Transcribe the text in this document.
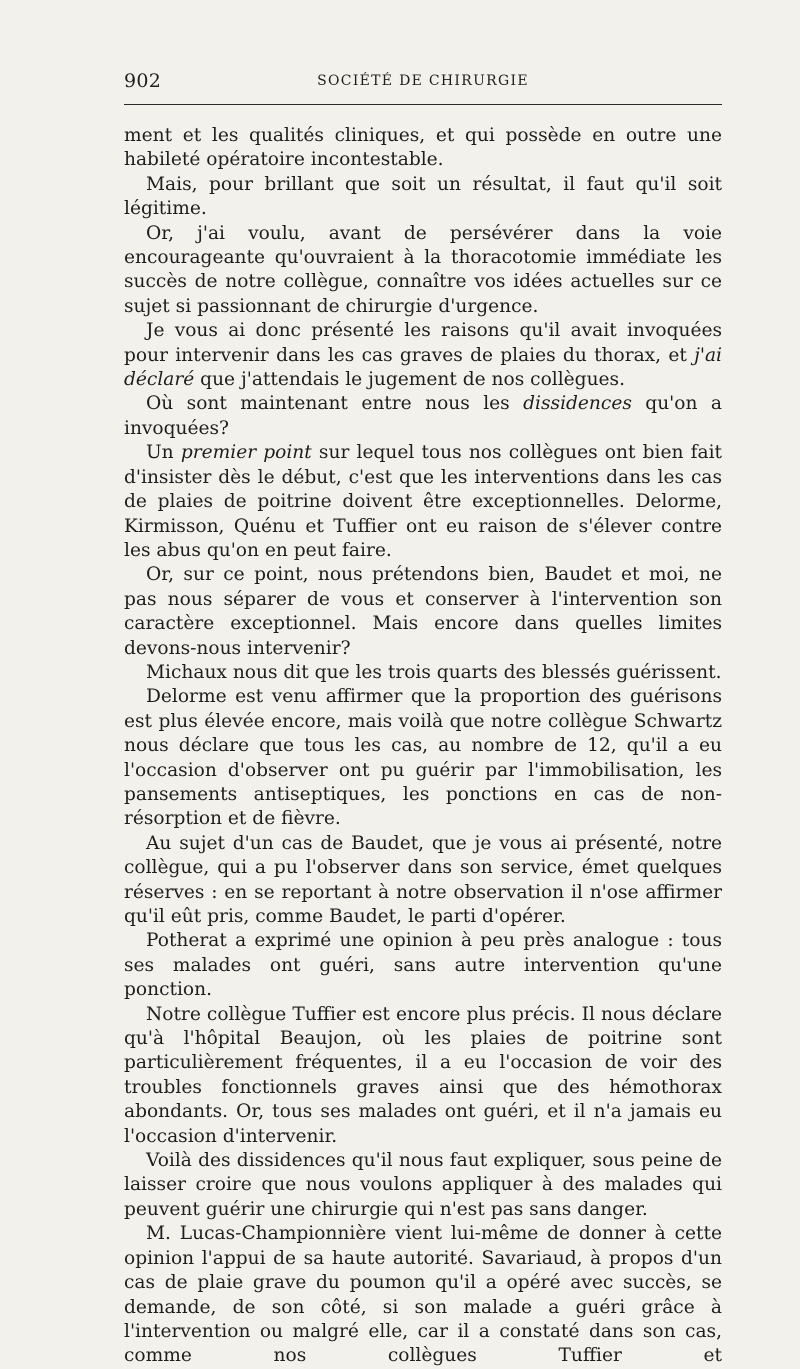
902	SOCIÉTÉ DE CHIRURGIE

ment et les qualités cliniques, et qui possède en outre une habileté opératoire incontestable.

Mais, pour brillant que soit un résultat, il faut qu'il soit légitime.

Or, j'ai voulu, avant de persévérer dans la voie encourageante qu'ouvraient à la thoracotomie immédiate les succès de notre collègue, connaître vos idées actuelles sur ce sujet si passionnant de chirurgie d'urgence.

Je vous ai donc présenté les raisons qu'il avait invoquées pour intervenir dans les cas graves de plaies du thorax, et j'ai déclaré que j'attendais le jugement de nos collègues.

Où sont maintenant entre nous les dissidences qu'on a invoquées?

Un premier point sur lequel tous nos collègues ont bien fait d'insister dès le début, c'est que les interventions dans les cas de plaies de poitrine doivent être exceptionnelles. Delorme, Kirmisson, Quénu et Tuffier ont eu raison de s'élever contre les abus qu'on en peut faire.

Or, sur ce point, nous prétendons bien, Baudet et moi, ne pas nous séparer de vous et conserver à l'intervention son caractère exceptionnel. Mais encore dans quelles limites devons-nous intervenir?

Michaux nous dit que les trois quarts des blessés guérissent.

Delorme est venu affirmer que la proportion des guérisons est plus élevée encore, mais voilà que notre collègue Schwartz nous déclare que tous les cas, au nombre de 12, qu'il a eu l'occasion d'observer ont pu guérir par l'immobilisation, les pansements antiseptiques, les ponctions en cas de non-résorption et de fièvre.

Au sujet d'un cas de Baudet, que je vous ai présenté, notre collègue, qui a pu l'observer dans son service, émet quelques réserves : en se reportant à notre observation il n'ose affirmer qu'il eût pris, comme Baudet, le parti d'opérer.

Potherat a exprimé une opinion à peu près analogue : tous ses malades ont guéri, sans autre intervention qu'une ponction.

Notre collègue Tuffier est encore plus précis. Il nous déclare qu'à l'hôpital Beaujon, où les plaies de poitrine sont particulièrement fréquentes, il a eu l'occasion de voir des troubles fonctionnels graves ainsi que des hémothorax abondants. Or, tous ses malades ont guéri, et il n'a jamais eu l'occasion d'intervenir.

Voilà des dissidences qu'il nous faut expliquer, sous peine de laisser croire que nous voulons appliquer à des malades qui peuvent guérir une chirurgie qui n'est pas sans danger.

M. Lucas-Championnière vient lui-même de donner à cette opinion l'appui de sa haute autorité. Savariaud, à propos d'un cas de plaie grave du poumon qu'il a opéré avec succès, se demande, de son côté, si son malade a guéri grâce à l'intervention ou malgré elle, car il a constaté dans son cas, comme nos collègues Tuffier et
